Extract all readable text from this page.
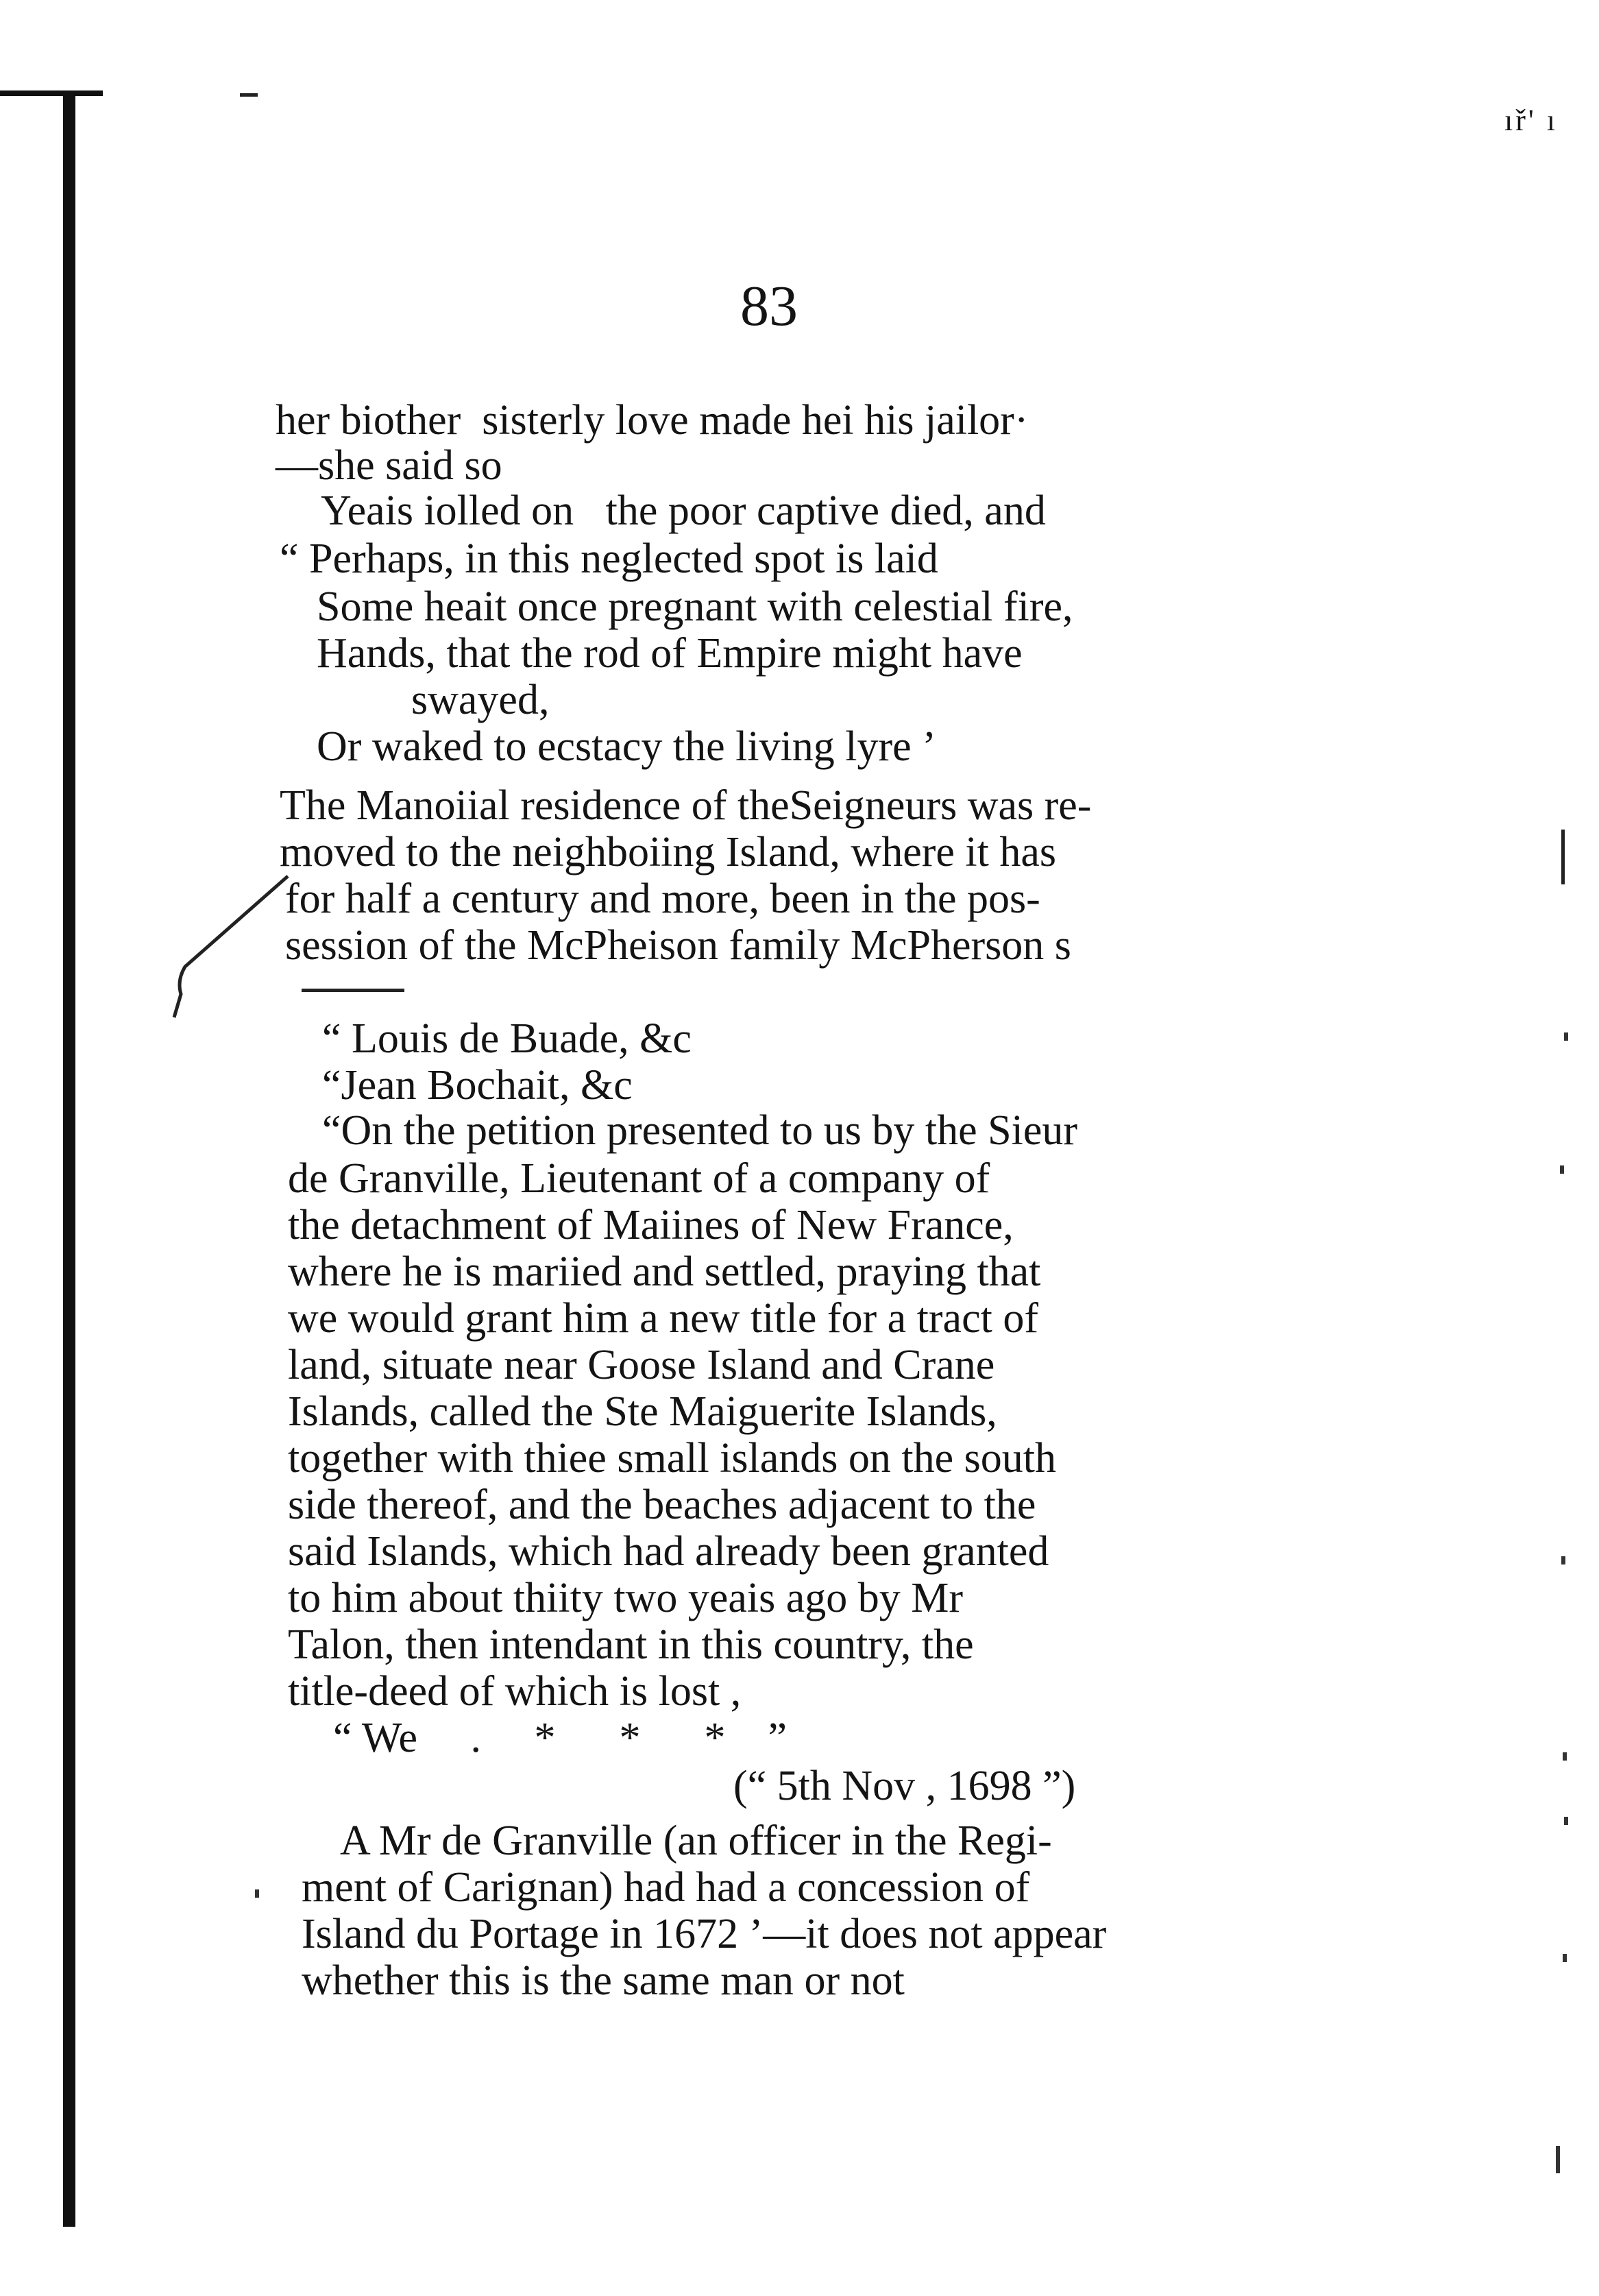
ıř' ı
83
her biother  sisterly love made hei his jailor·
—she said so
Yeais iolled on   the poor captive died, and
“ Perhaps, in this neglected spot is laid
Some heait once pregnant with celestial fire,
Hands, that the rod of Empire might have
swayed,
Or waked to ecstacy the living lyre ’
The Manoiial residence of theSeigneurs was re-
moved to the neighboiing Island, where it has
for half a century and more, been in the pos-
session of the McPheison family McPherson s
“ Louis de Buade, &c
“Jean Bochait, &c
“On the petition presented to us by the Sieur
de Granville, Lieutenant of a company of
the detachment of Maiines of New France,
where he is mariied and settled, praying that
we would grant him a new title for a tract of
land, situate near Goose Island and Crane
Islands, called the Ste Maiguerite Islands,
together with thiee small islands on the south
side thereof, and the beaches adjacent to the
said Islands, which had already been granted
to him about thiity two yeais ago by Mr
Talon, then intendant in this country, the
title-deed of which is lost ,
“ We     .     *      *      *    ”
(“ 5th Nov , 1698 ”)
A Mr de Granville (an officer in the Regi-
ment of Carignan) had had a concession of
Island du Portage in 1672 ’—it does not appear
whether this is the same man or not
